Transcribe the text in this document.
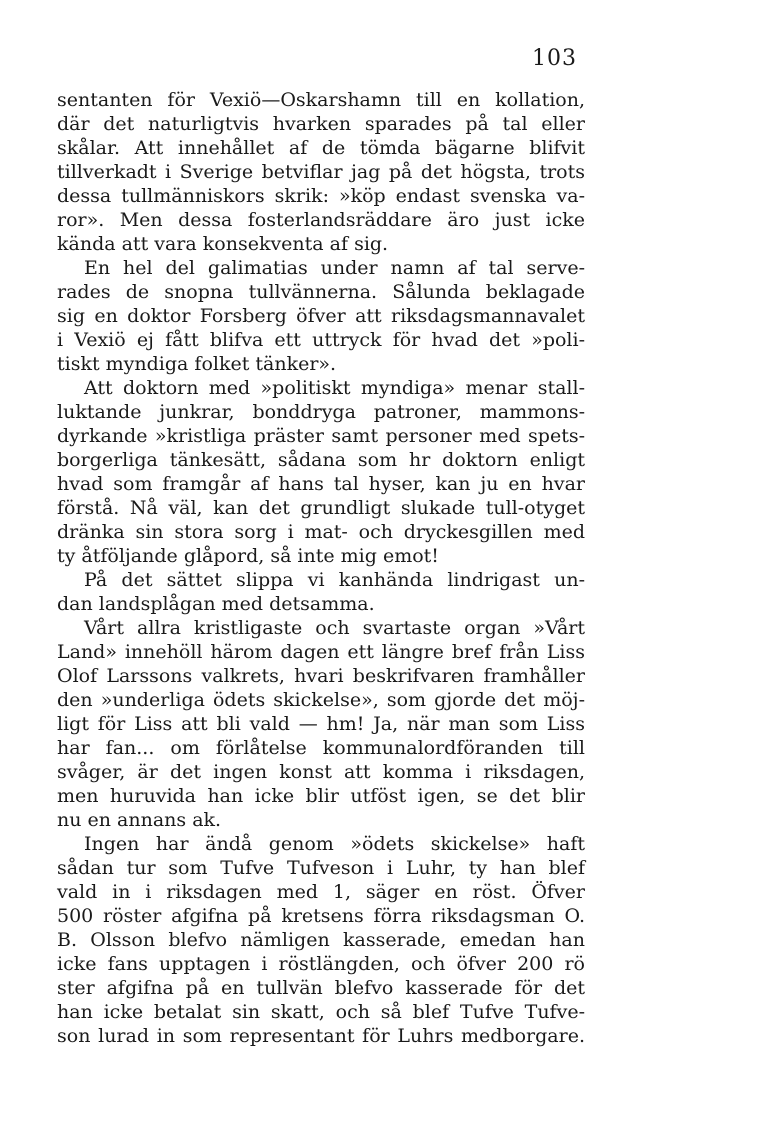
103
sentanten för Vexiö—Oskarshamn till en kollation,
där det naturligtvis hvarken sparades på tal eller
skålar. Att innehållet af de tömda bägarne blifvit
tillverkadt i Sverige betviflar jag på det högsta, trots
dessa tullmänniskors skrik: »köp endast svenska va-
ror». Men dessa fosterlandsräddare äro just icke
kända att vara konsekventa af sig.
En hel del galimatias under namn af tal serve-
rades de snopna tullvännerna. Sålunda beklagade
sig en doktor Forsberg öfver att riksdagsmannavalet
i Vexiö ej fått blifva ett uttryck för hvad det »poli-
tiskt myndiga folket tänker».
Att doktorn med »politiskt myndiga» menar stall-
luktande junkrar, bonddryga patroner, mammons-
dyrkande »kristliga präster samt personer med spets-
borgerliga tänkesätt, sådana som hr doktorn enligt
hvad som framgår af hans tal hyser, kan ju en hvar
förstå. Nå väl, kan det grundligt slukade tull-otyget
dränka sin stora sorg i mat- och dryckesgillen med
ty åtföljande glåpord, så inte mig emot!
På det sättet slippa vi kanhända lindrigast un-
dan landsplågan med detsamma.
Vårt allra kristligaste och svartaste organ »Vårt
Land» innehöll härom dagen ett längre bref från Liss
Olof Larssons valkrets, hvari beskrifvaren framhåller
den »underliga ödets skickelse», som gjorde det möj-
ligt för Liss att bli vald — hm! Ja, när man som Liss
har fan... om förlåtelse kommunalordföranden till
svåger, är det ingen konst att komma i riksdagen,
men huruvida han icke blir utföst igen, se det blir
nu en annans ak.
Ingen har ändå genom »ödets skickelse» haft
sådan tur som Tufve Tufveson i Luhr, ty han blef
vald in i riksdagen med 1, säger en röst. Öfver
500 röster afgifna på kretsens förra riksdagsman O.
B. Olsson blefvo nämligen kasserade, emedan han
icke fans upptagen i röstlängden, och öfver 200 rö
ster afgifna på en tullvän blefvo kasserade för det
han icke betalat sin skatt, och så blef Tufve Tufve-
son lurad in som representant för Luhrs medborgare.
